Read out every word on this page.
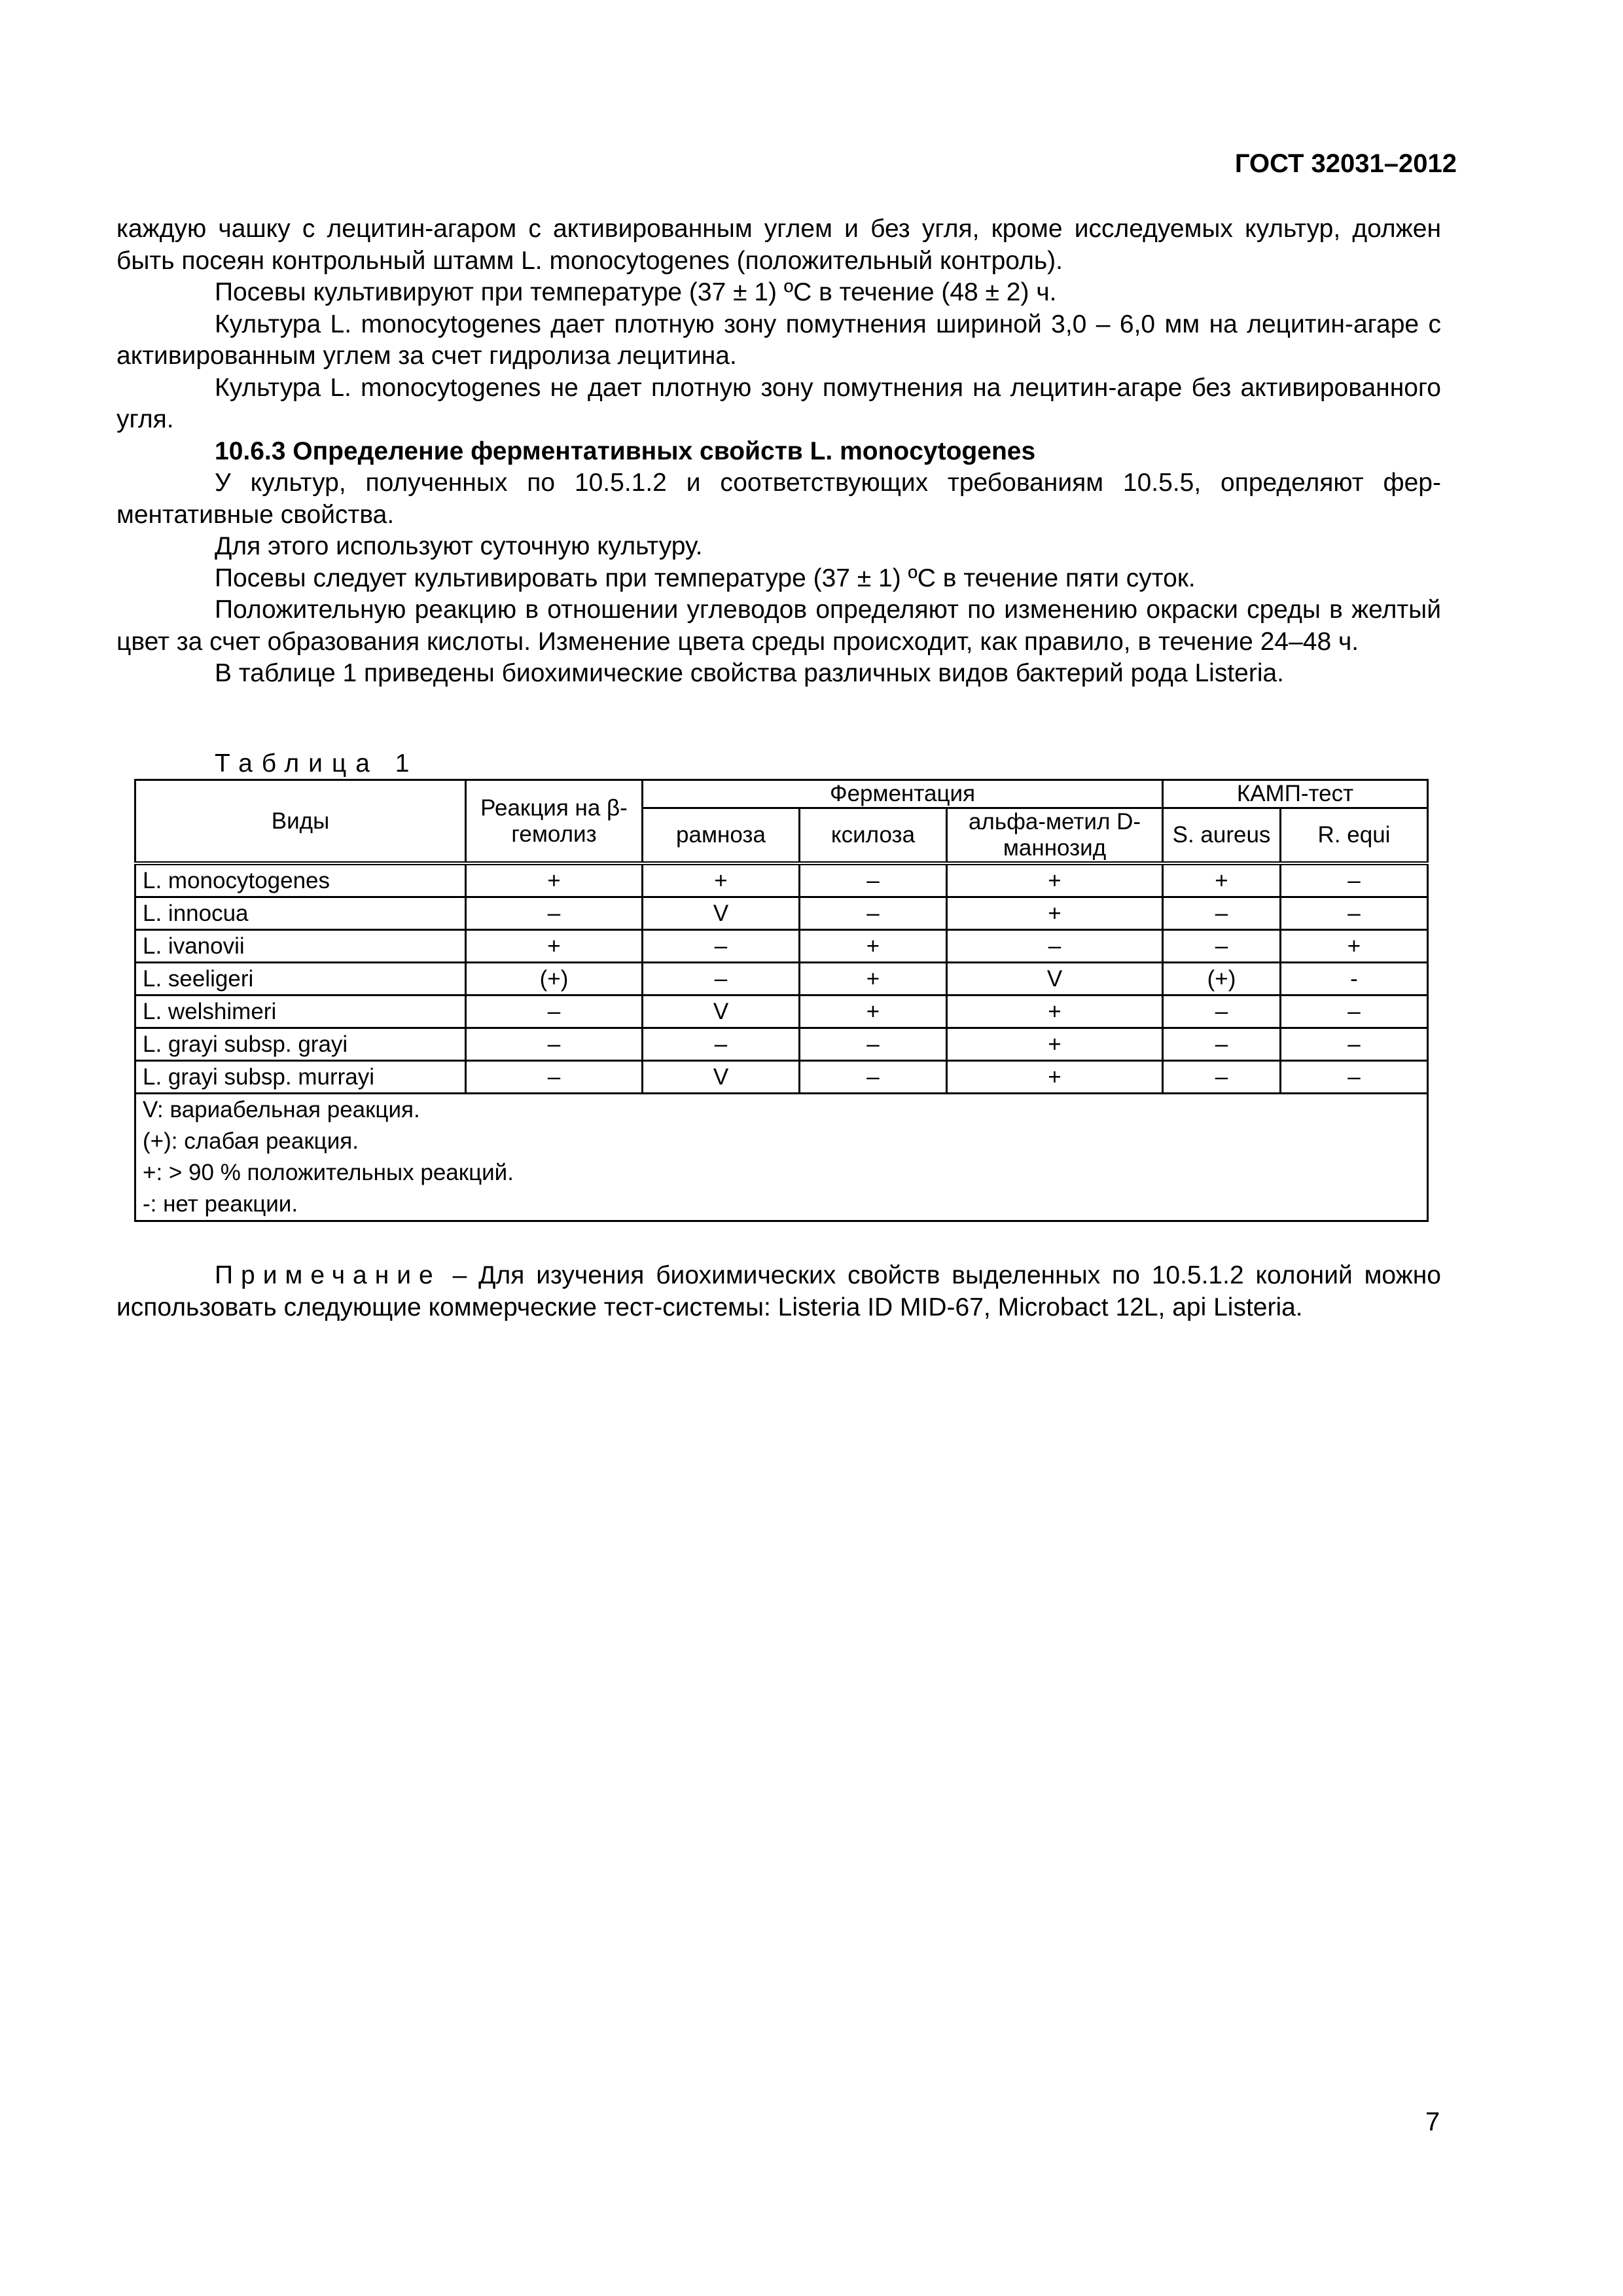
ГОСТ 32031–2012

каждую чашку с лецитин-агаром с активированным углем и без угля, кроме исследуемых культур, должен быть посеян контрольный штамм L. monocytogenes (положительный контроль).

Посевы культивируют при температуре (37 ± 1) ºС в течение (48 ± 2) ч.

Культура L. monocytogenes дает плотную зону помутнения шириной 3,0 – 6,0 мм на лецитин-агаре с активированным углем за счет гидролиза лецитина.

Культура L. monocytogenes не дает плотную зону помутнения на лецитин-агаре без активированного угля.

10.6.3 Определение ферментативных свойств L. monocytogenes

У культур, полученных по 10.5.1.2 и соответствующих требованиям 10.5.5, определяют ферментативные свойства.

Для этого используют суточную культуру.

Посевы следует культивировать при температуре (37 ± 1) ºС в течение пяти суток.

Положительную реакцию в отношении углеводов определяют по изменению окраски среды в желтый цвет за счет образования кислоты. Изменение цвета среды происходит, как правило, в течение 24–48 ч.

В таблице 1 приведены биохимические свойства различных видов бактерий рода Listeria.

Таблица 1
Виды	Реакция на β-гемолиз	Ферментация			КАМП-тест	
		рамноза	ксилоза	альфа-метил D-маннозид	S. aureus	R. equi
L. monocytogenes	+	+	–	+	+	–
L. innocua	–	V	–	+	–	–
L. ivanovii	+	–	+	–	–	+
L. seeligeri	(+)	–	+	V	(+)	-
L. welshimeri	–	V	+	+	–	–
L. grayi subsp. grayi	–	–	–	+	–	–
L. grayi subsp. murrayi	–	V	–	+	–	–

V: вариабельная реакция.
(+): слабая реакция.
+: > 90 % положительных реакций.
-: нет реакции.						
Примечание – Для изучения биохимических свойств выделенных по 10.5.1.2 колоний можно использовать следующие коммерческие тест-системы: Listeria ID MID-67, Microbact 12L, api Listeria.
7
